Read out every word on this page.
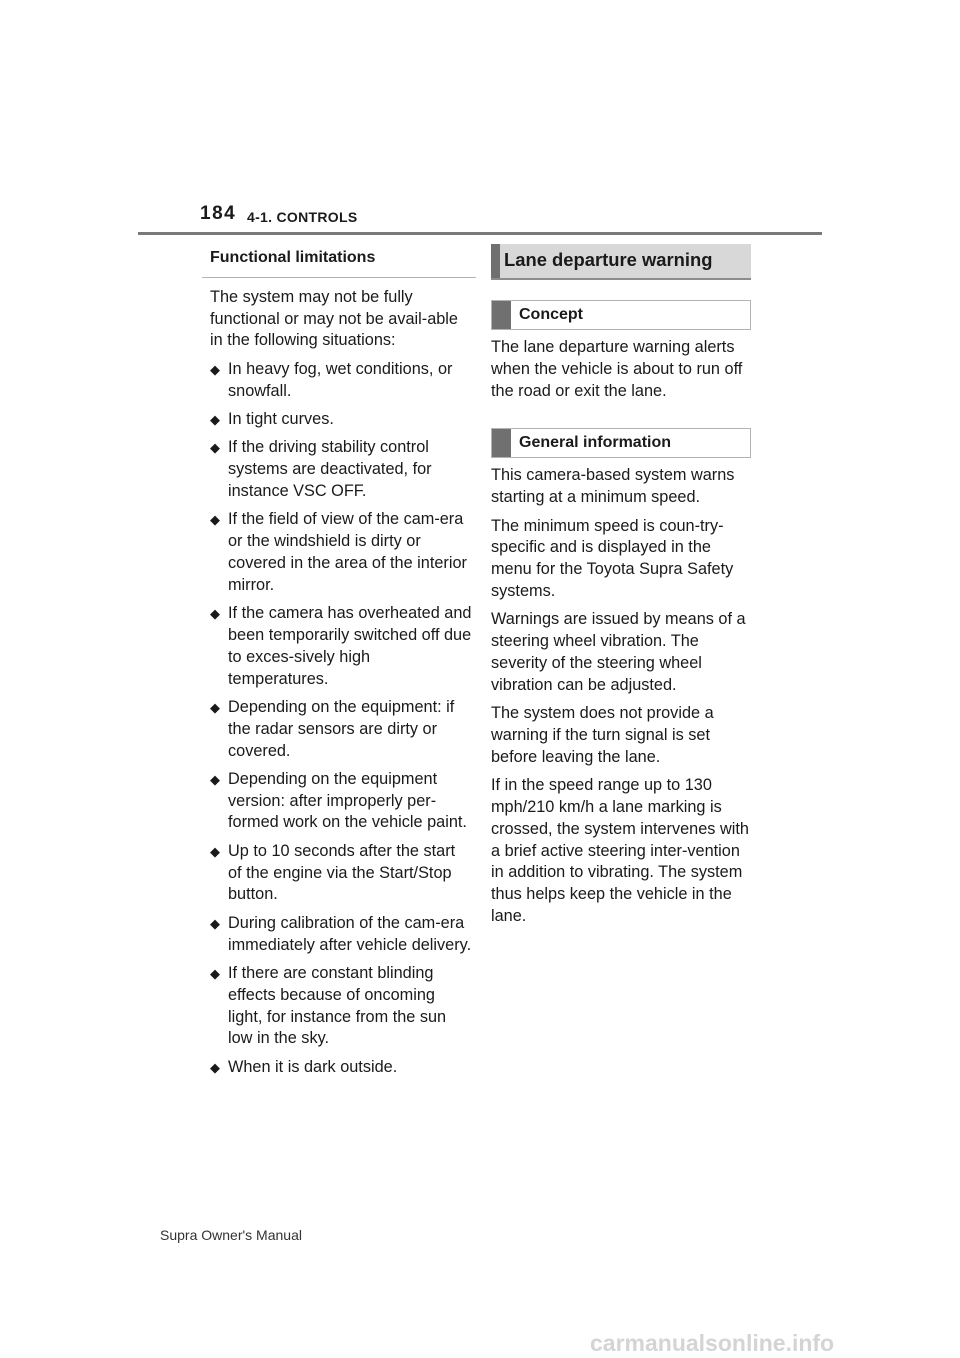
184 4-1. CONTROLS
Functional limitations

The system may not be fully functional or may not be avail-able in the following situations:

◆ In heavy fog, wet conditions, or snowfall.
◆ In tight curves.
◆ If the driving stability control systems are deactivated, for instance VSC OFF.
◆ If the field of view of the cam-era or the windshield is dirty or covered in the area of the interior mirror.
◆ If the camera has overheated and been temporarily switched off due to exces-sively high temperatures.
◆ Depending on the equipment: if the radar sensors are dirty or covered.
◆ Depending on the equipment version: after improperly per-formed work on the vehicle paint.
◆ Up to 10 seconds after the start of the engine via the Start/Stop button.
◆ During calibration of the cam-era immediately after vehicle delivery.
◆ If there are constant blinding effects because of oncoming light, for instance from the sun low in the sky.
◆ When it is dark outside.
Lane departure warning
Concept

The lane departure warning alerts when the vehicle is about to run off the road or exit the lane.

General information

This camera-based system warns starting at a minimum speed.

The minimum speed is coun-try-specific and is displayed in the menu for the Toyota Supra Safety systems.

Warnings are issued by means of a steering wheel vibration. The severity of the steering wheel vibration can be adjusted.

The system does not provide a warning if the turn signal is set before leaving the lane.

If in the speed range up to 130 mph/210 km/h a lane marking is crossed, the system intervenes with a brief active steering inter-vention in addition to vibrating. The system thus helps keep the vehicle in the lane.

Supra Owner's Manual
carmanualsonline.info
